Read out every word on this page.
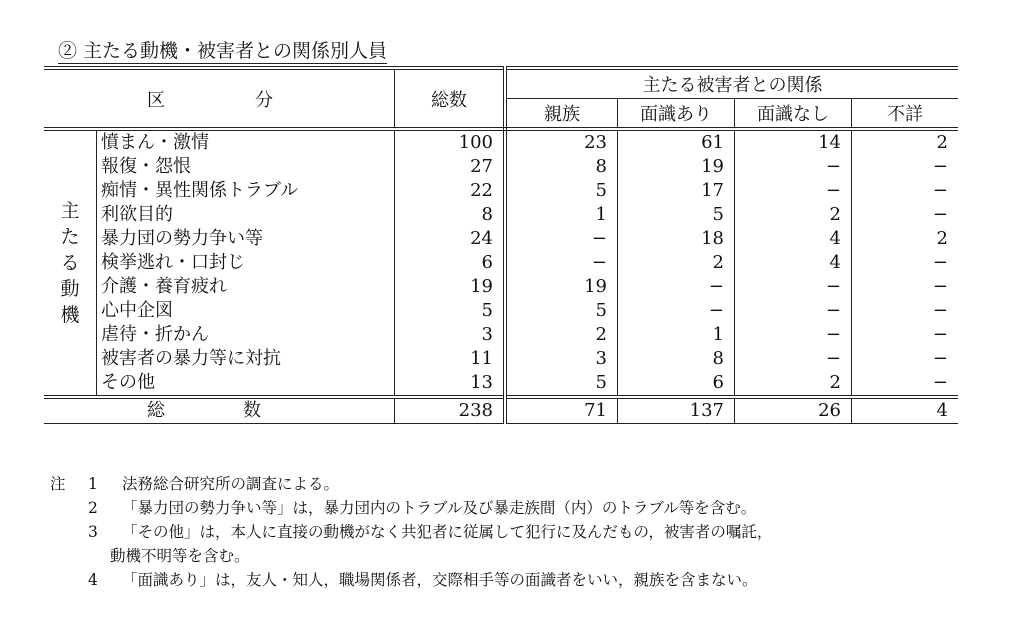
② 主たる動機・被害者との関係別人員
区　　分		総数	主たる被害者との関係			
			親族	面識あり	面識なし	不詳
主
た
る
動
機	憤まん・激情	100	23	61	14	2
	報復・怨恨	27	8	19	−	−
	痴情・異性関係トラブル	22	5	17	−	−
	利欲目的	8	1	5	2	−
	暴力団の勢力争い等	24	−	18	4	2
	検挙逃れ・口封じ	6	−	2	4	−
	介護・養育疲れ	19	19	−	−	−
	心中企図	5	5	−	−	−
	虐待・折かん	3	2	1	−	−
	被害者の暴力等に対抗	11	3	8	−	−
	その他	13	5	6	2	−
総　数		238	71	137	26	4
注 1 法務総合研究所の調査による。
2 「暴力団の勢力争い等」は，暴力団内のトラブル及び暴走族間（内）のトラブル等を含む。
3 「その他」は，本人に直接の動機がなく共犯者に従属して犯行に及んだもの，被害者の嘱託，
動機不明等を含む。
4 「面識あり」は，友人・知人，職場関係者，交際相手等の面識者をいい，親族を含まない。
